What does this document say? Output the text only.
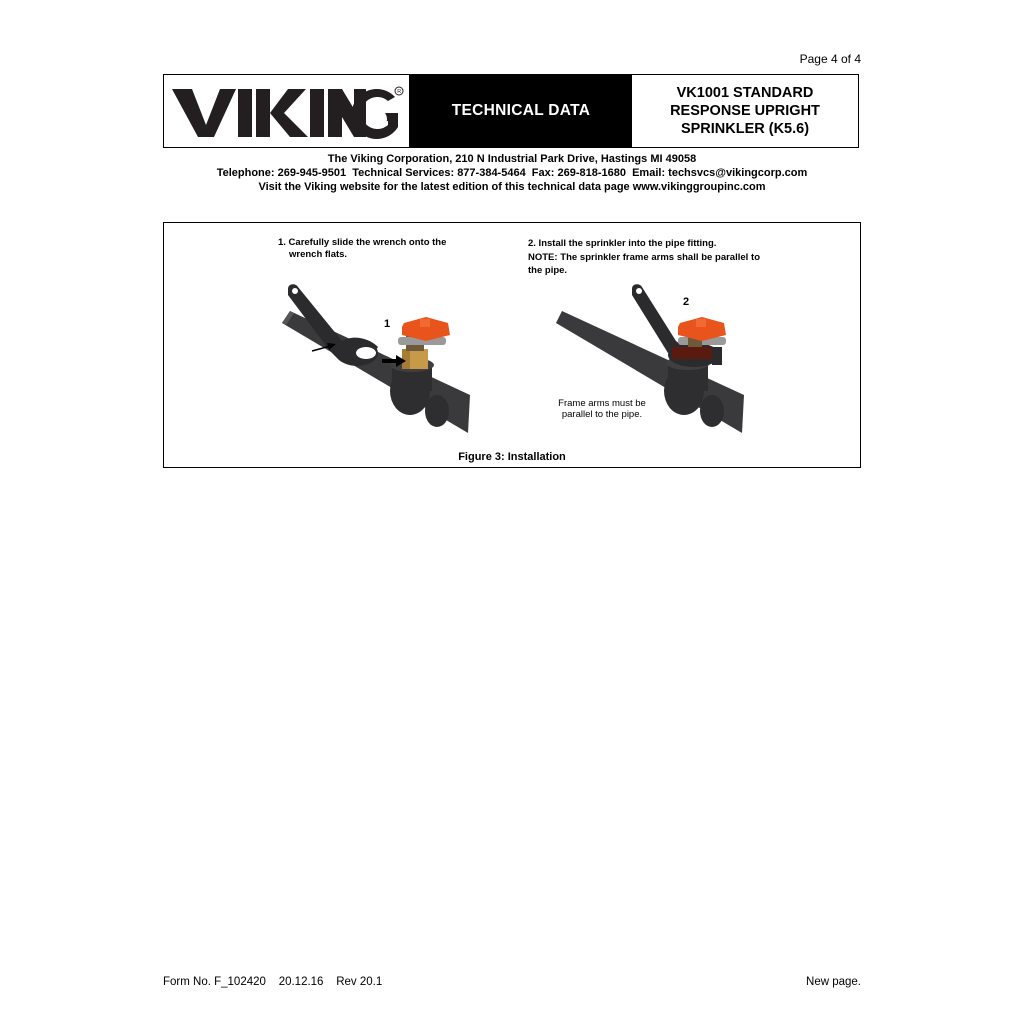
Page 4 of 4
R
TECHNICAL DATA
VK1001 STANDARD
RESPONSE UPRIGHT
SPRINKLER (K5.6)
The Viking Corporation, 210 N Industrial Park Drive, Hastings MI 49058
Telephone: 269-945-9501  Technical Services: 877-384-5464  Fax: 269-818-1680  Email: techsvcs@vikingcorp.com
Visit the Viking website for the latest edition of this technical data page www.vikinggroupinc.com
1. Carefully slide the wrench onto the
wrench flats.
2. Install the sprinkler into the pipe fitting.
NOTE: The sprinkler frame arms shall be parallel to the pipe.
1
2
Frame arms must be parallel to the pipe.
Figure 3: Installation
Form No. F_102420    20.12.16    Rev 20.1	New page.
